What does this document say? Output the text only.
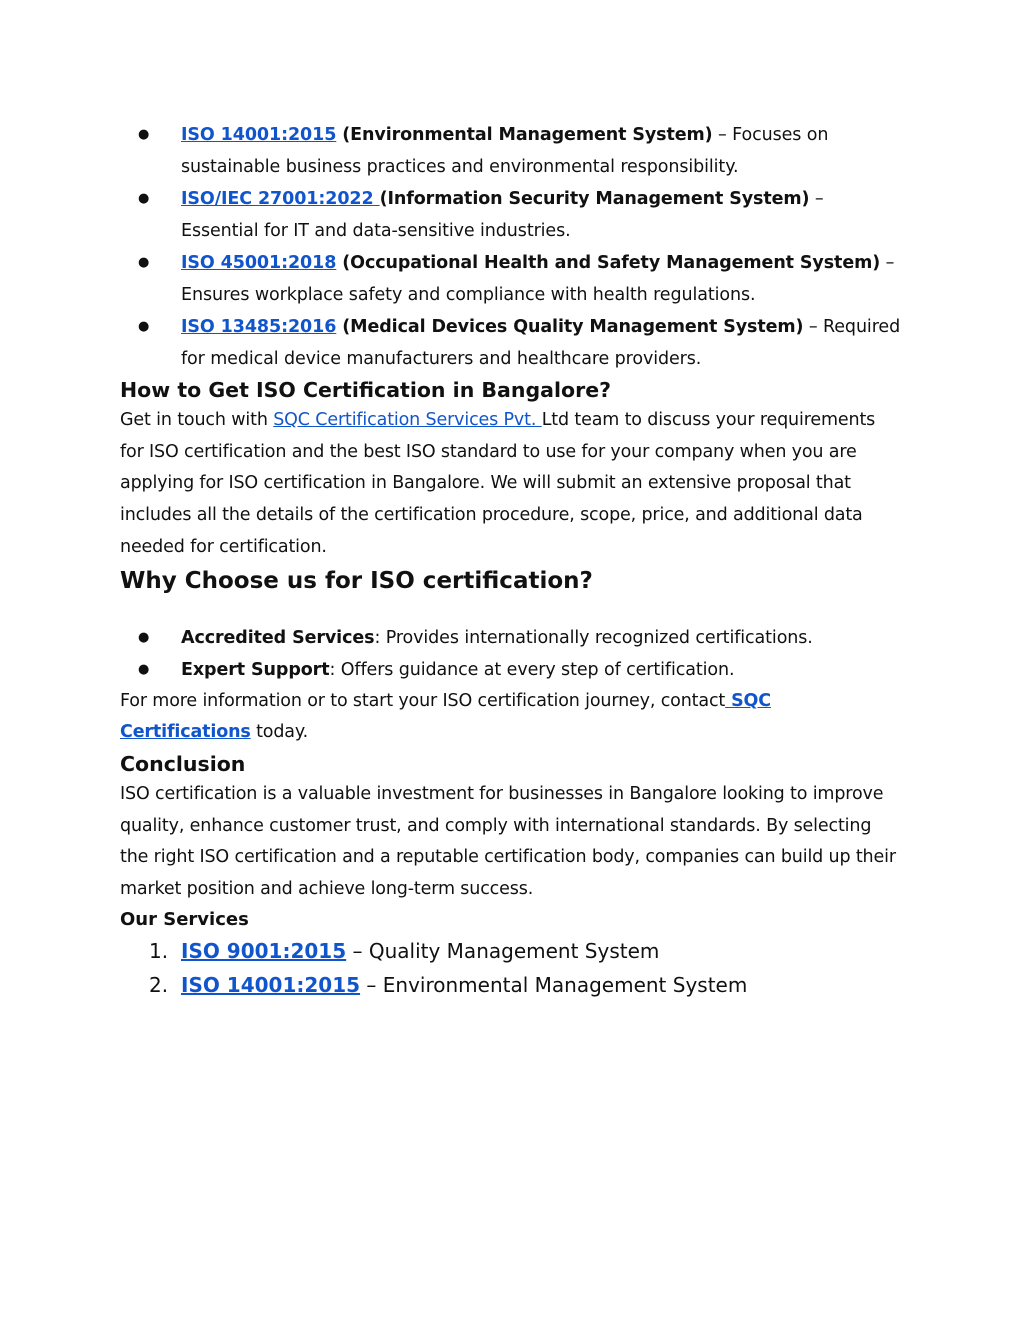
● ISO 14001:2015 (Environmental Management System) – Focuses on sustainable business practices and environmental responsibility.
● ISO/IEC 27001:2022 (Information Security Management System) – Essential for IT and data-sensitive industries.
● ISO 45001:2018 (Occupational Health and Safety Management System) – Ensures workplace safety and compliance with health regulations.
● ISO 13485:2016 (Medical Devices Quality Management System) – Required for medical device manufacturers and healthcare providers.
How to Get ISO Certification in Bangalore?

Get in touch with SQC Certification Services Pvt. Ltd team to discuss your requirements for ISO certification and the best ISO standard to use for your company when you are applying for ISO certification in Bangalore. We will submit an extensive proposal that includes all the details of the certification procedure, scope, price, and additional data needed for certification.

Why Choose us for ISO certification?
● Accredited Services: Provides internationally recognized certifications.
● Expert Support: Offers guidance at every step of certification.

For more information or to start your ISO certification journey, contact SQC Certifications today.

Conclusion

ISO certification is a valuable investment for businesses in Bangalore looking to improve quality, enhance customer trust, and comply with international standards. By selecting the right ISO certification and a reputable certification body, companies can build up their market position and achieve long-term success.

Our Services
1. ISO 9001:2015 – Quality Management System
2. ISO 14001:2015 – Environmental Management System
